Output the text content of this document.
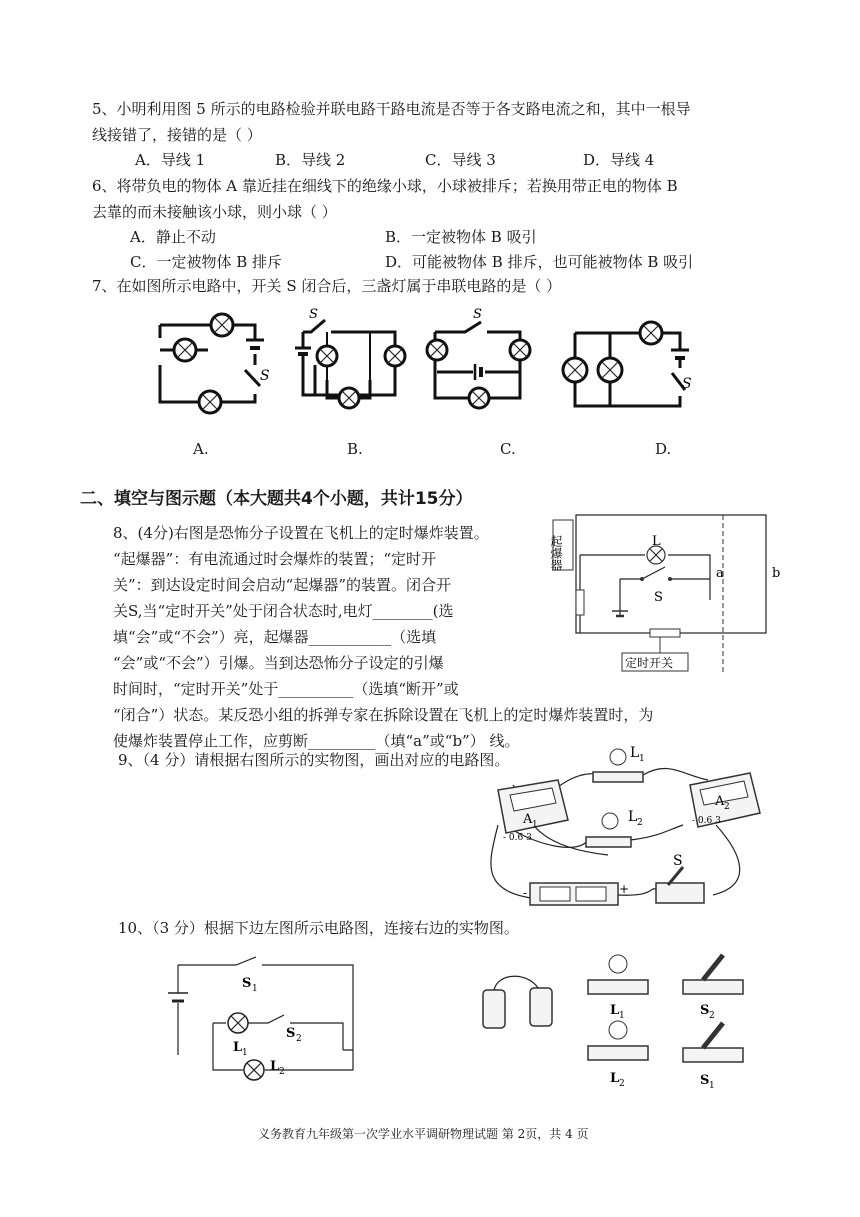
5、小明利用图 5 所示的电路检验并联电路干路电流是否等于各支路电流之和，其中一根导
线接错了，接错的是（ ）
A．导线 1	B．导线 2	C．导线 3	D．导线 4
6、将带负电的物体 A 靠近挂在细线下的绝缘小球，小球被排斥；若换用带正电的物体 B
去靠的而未接触该小球，则小球（ ）
A．静止不动	B．一定被物体 B 吸引
C．一定被物体 B 排斥	D．可能被物体 B 排斥，也可能被物体 B 吸引
7、在如图所示电路中，开关 S 闭合后，三盏灯属于串联电路的是（ ）
S
S	S
S
A.	B.	C.	D.
二、填空与图示题（本大题共4个小题，共计15分）
8、(4分)右图是恐怖分子设置在飞机上的定时爆炸装置。
“起爆器”：有电流通过时会爆炸的装置；“定时开
关”：到达设定时间会启动“起爆器”的装置。闭合开
关S,当“定时开关”处于闭合状态时,电灯________(选
填“会”或“不会”）亮，起爆器___________（选填
“会”或“不会”）引爆。当到达恐怖分子设定的引爆
时间时，“定时开关”处于__________（选填“断开”或
“闭合”）状态。某反恐小组的拆弹专家在拆除设置在飞机上的定时爆炸装置时，为
使爆炸装置停止工作，应剪断_________（填“a”或“b”） 线。
起爆器	L
S
a	b
定时开关
9、（4 分）请根据右图所示的实物图，画出对应的电路图。
A 1
- 0.6 3
A 2
- 0.6 3
L 1
L 2
-	+
S
10、（3 分）根据下边左图所示电路图，连接右边的实物图。
S 1
S 2
L 1
L 2
L 1	S 2
L 2	S 1
义务教育九年级第一次学业水平调研物理试题 第 2页，共 4 页
